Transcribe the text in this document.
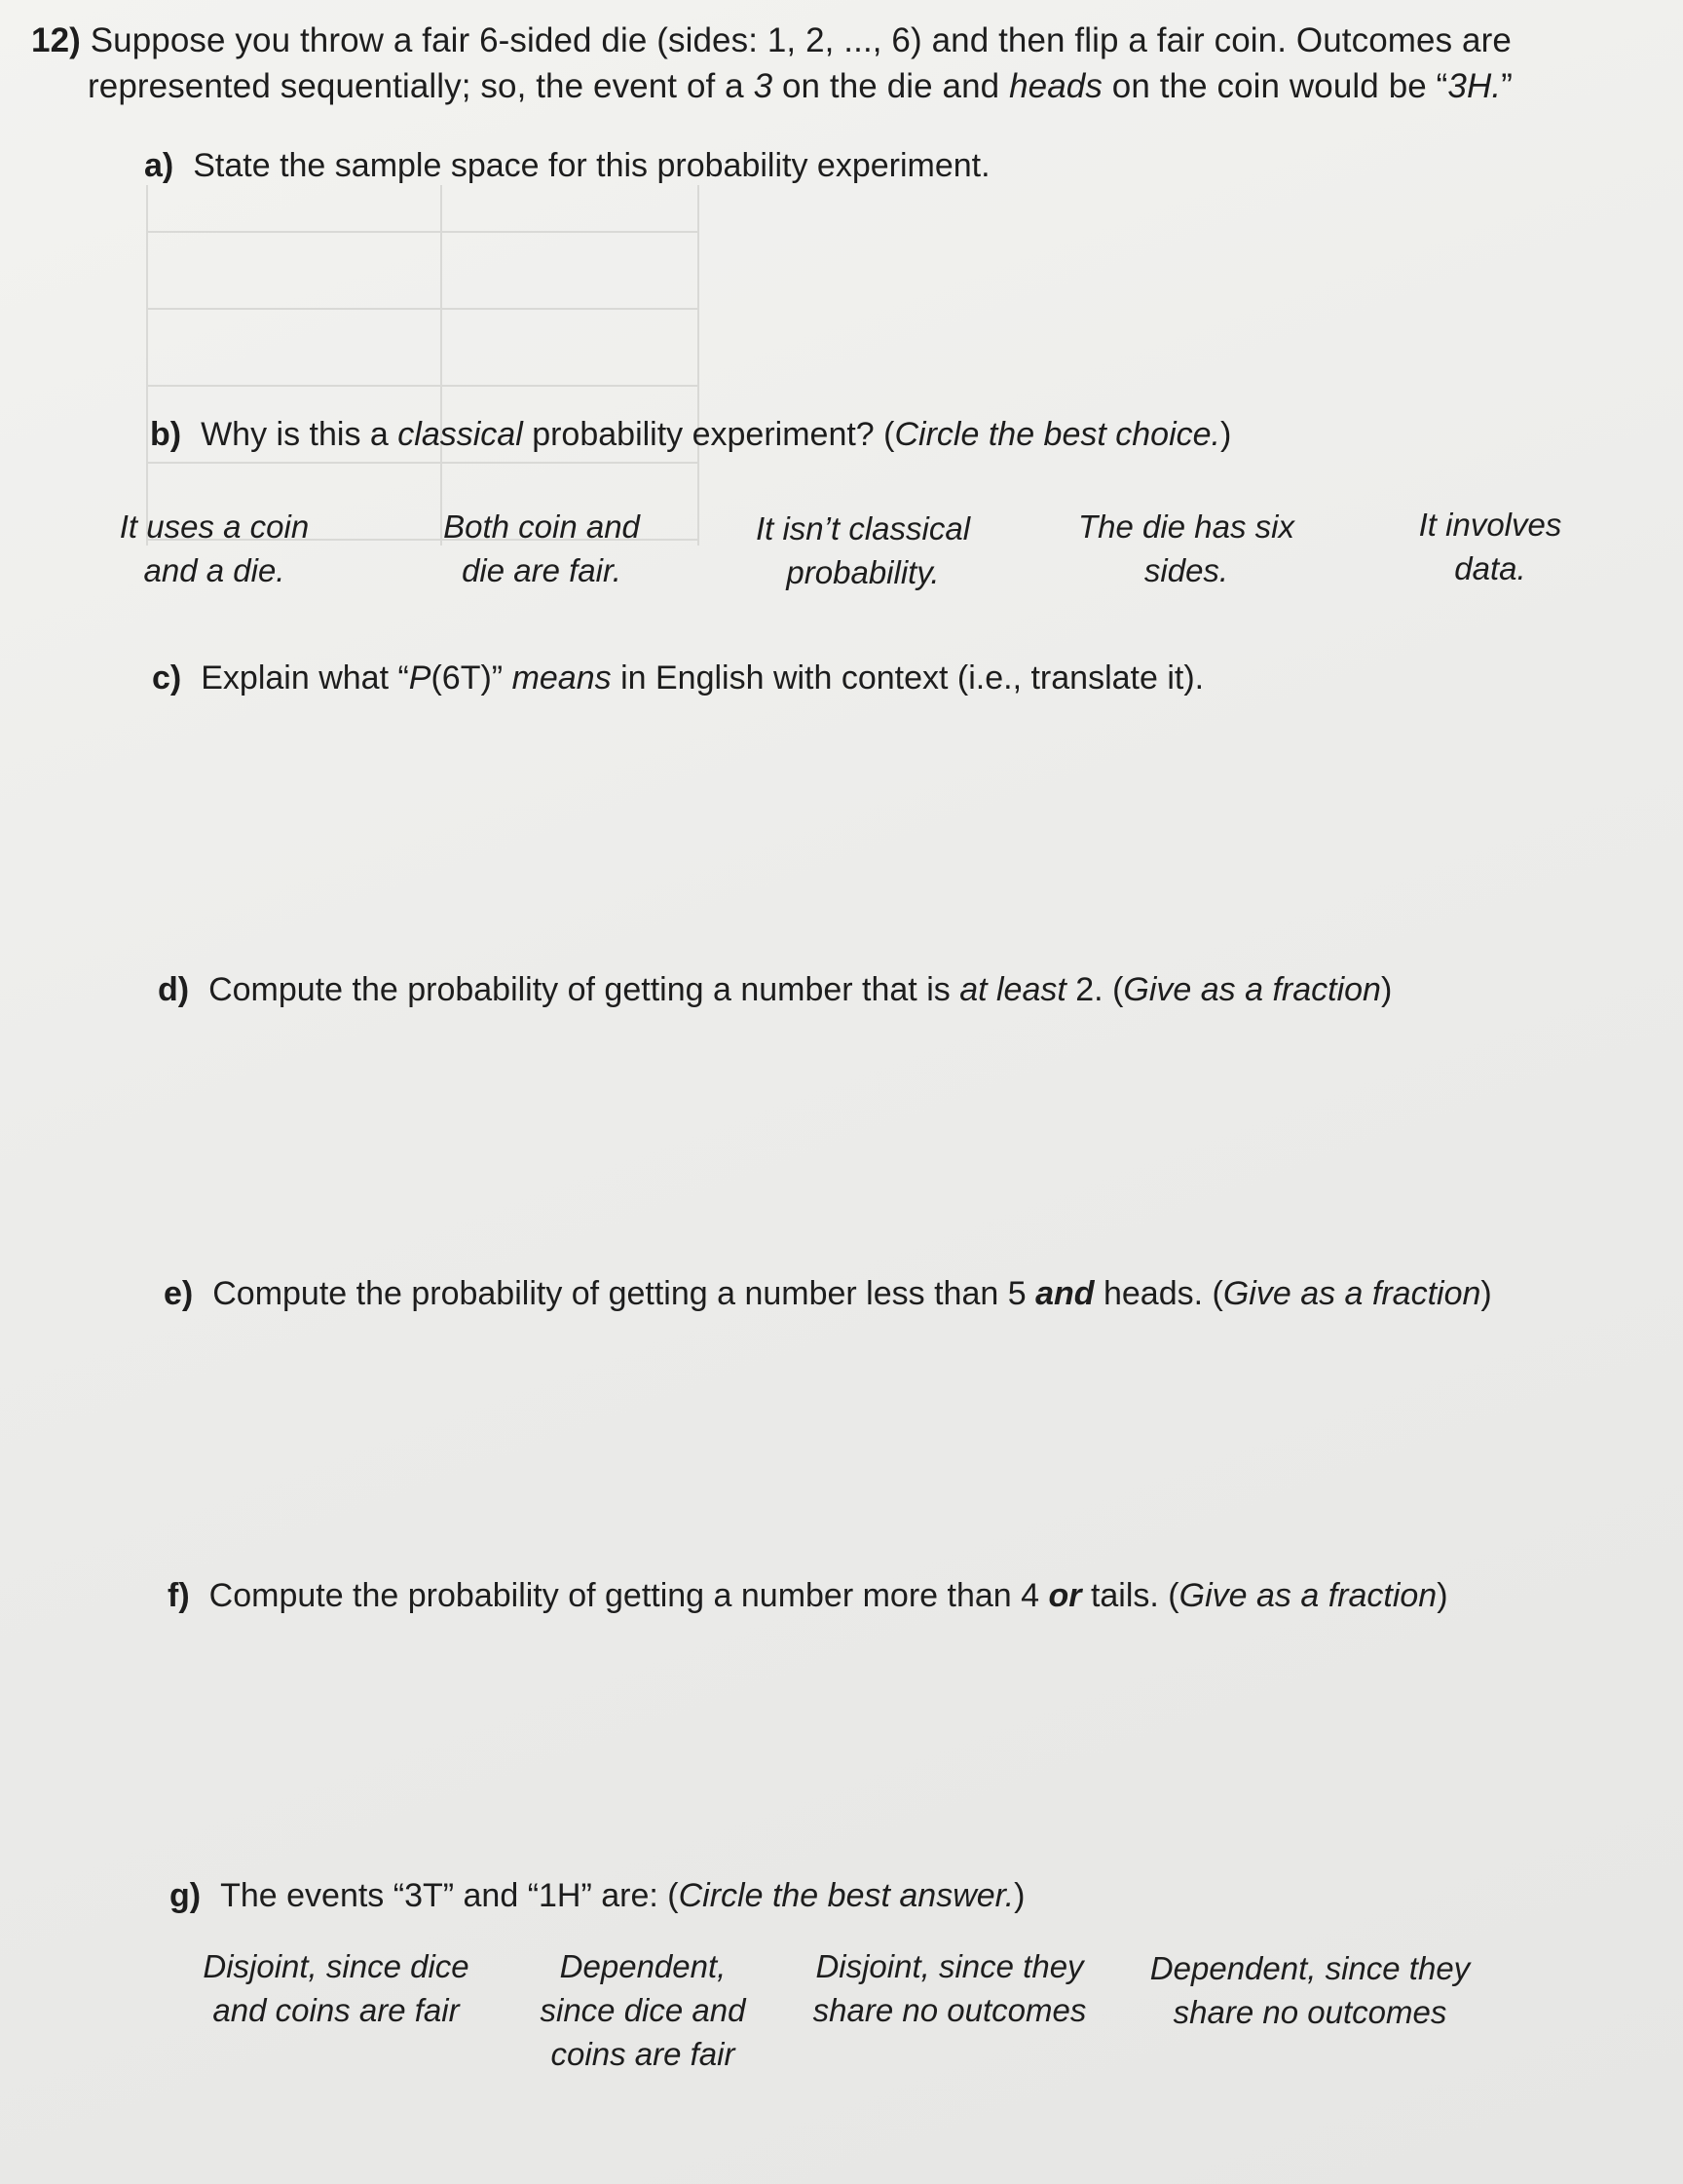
12) Suppose you throw a fair 6-sided die (sides: 1, 2, ..., 6) and then flip a fair coin. Outcomes are
represented sequentially; so, the event of a 3 on the die and heads on the coin would be “3H.”
a) State the sample space for this probability experiment.
b) Why is this a classical probability experiment? (Circle the best choice.)
It uses a coin
and a die.
Both coin and
die are fair.
It isn’t classical
probability.
The die has six
sides.
It involves
data.
c) Explain what “P(6T)” means in English with context (i.e., translate it).
d) Compute the probability of getting a number that is at least 2. (Give as a fraction)
e) Compute the probability of getting a number less than 5 and heads. (Give as a fraction)
f) Compute the probability of getting a number more than 4 or tails. (Give as a fraction)
g) The events “3T” and “1H” are: (Circle the best answer.)
Disjoint, since dice
and coins are fair
Dependent,
since dice and
coins are fair
Disjoint, since they
share no outcomes
Dependent, since they
share no outcomes
